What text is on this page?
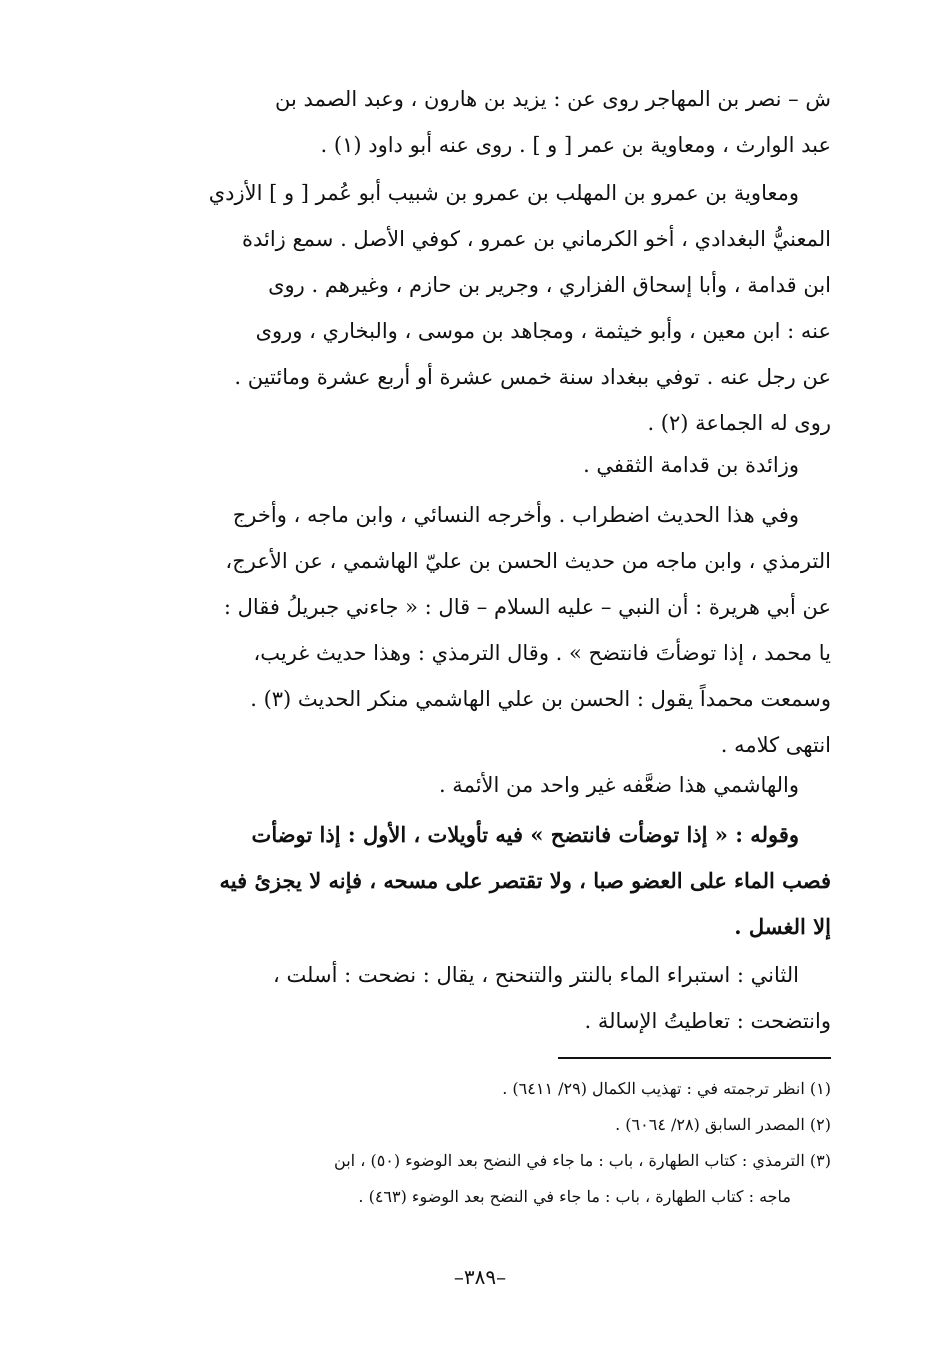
ش – نصر بن المهاجر روى عن : يزيد بن هارون ، وعبد الصمد بن
عبد الوارث ، ومعاوية بن عمر [ و ] . روى عنه أبو داود (١) .
ومعاوية بن عمرو بن المهلب بن عمرو بن شبيب أبو عُمر [ و ] الأزدي
المعنيُّ البغدادي ، أخو الكرماني بن عمرو ، كوفي الأصل . سمع زائدة
ابن قدامة ، وأبا إسحاق الفزاري ، وجرير بن حازم ، وغيرهم . روى
عنه : ابن معين ، وأبو خيثمة ، ومجاهد بن موسى ، والبخاري ، وروى
عن رجل عنه . توفي ببغداد سنة خمس عشرة أو أربع عشرة ومائتين .
روى له الجماعة (٢) .
وزائدة بن قدامة الثقفي .
وفي هذا الحديث اضطراب . وأخرجه النسائي ، وابن ماجه ، وأخرج
الترمذي ، وابن ماجه من حديث الحسن بن عليّ الهاشمي ، عن الأعرج،
عن أبي هريرة : أن النبي – عليه السلام – قال : « جاءني جبريلُ فقال :
يا محمد ، إذا توضأتَ فانتضح » . وقال الترمذي : وهذا حديث غريب،
وسمعت محمداً يقول : الحسن بن علي الهاشمي منكر الحديث (٣) .
انتهى كلامه .
والهاشمي هذا ضعَّفه غير واحد من الأئمة .
وقوله : « إذا توضأت فانتضح » فيه تأويلات ، الأول : إذا توضأت
فصب الماء على العضو صبا ، ولا تقتصر على مسحه ، فإنه لا يجزئ فيه
إلا الغسل .
الثاني : استبراء الماء بالنتر والتنحنح ، يقال : نضحت : أسلت ،
وانتضحت : تعاطيتُ الإسالة .
(١) انظر ترجمته في : تهذيب الكمال (٢٩/ ٦٤١١) .
(٢) المصدر السابق (٢٨/ ٦٠٦٤) .
(٣) الترمذي : كتاب الطهارة ، باب : ما جاء في النضح بعد الوضوء (٥٠) ، ابن
ماجه : كتاب الطهارة ، باب : ما جاء في النضح بعد الوضوء (٤٦٣) .
–٣٨٩–
